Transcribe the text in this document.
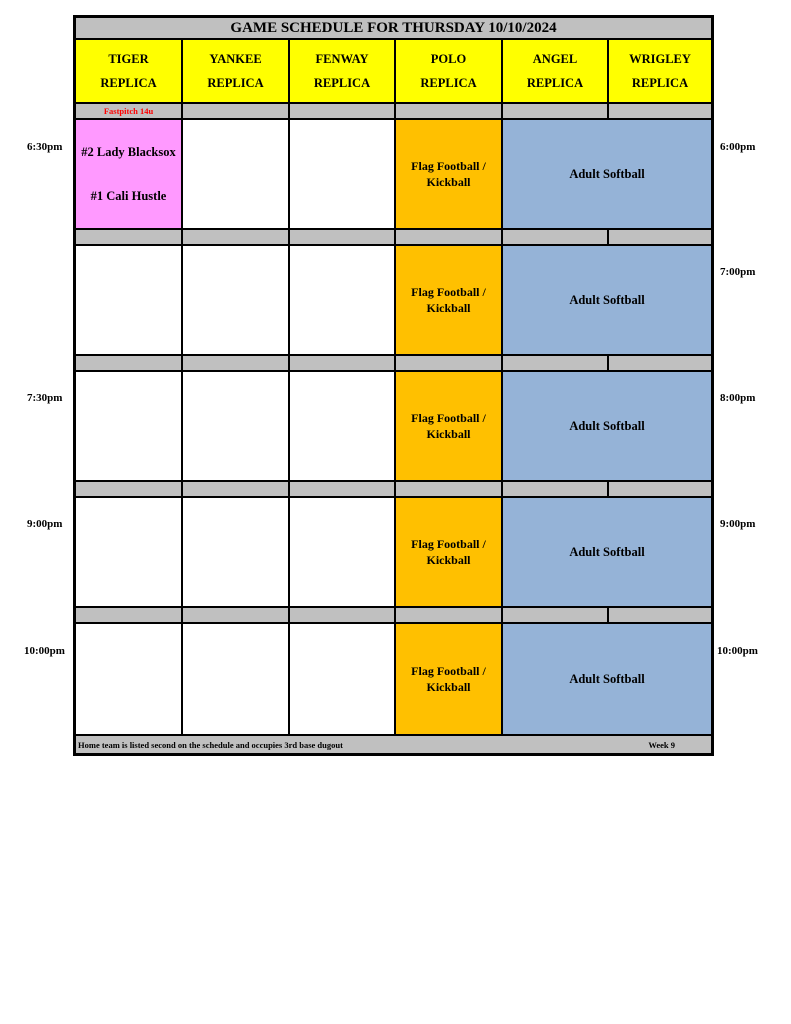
GAME SCHEDULE FOR THURSDAY 10/10/2024
TIGER
REPLICA
YANKEE
REPLICA
FENWAY
REPLICA
POLO
REPLICA
ANGEL
REPLICA
WRIGLEY
REPLICA
Fastpitch 14u
#2 Lady Blacksox
#1 Cali Hustle
Flag Football / Kickball
Adult Softball
Flag Football / Kickball
Adult Softball
Flag Football / Kickball
Adult Softball
Flag Football / Kickball
Adult Softball
Flag Football / Kickball
Adult Softball
Home team is listed second on the schedule and occupies 3rd base dugout	Week 9
6:30pm
7:30pm
9:00pm
10:00pm
6:00pm
7:00pm
8:00pm
9:00pm
10:00pm
